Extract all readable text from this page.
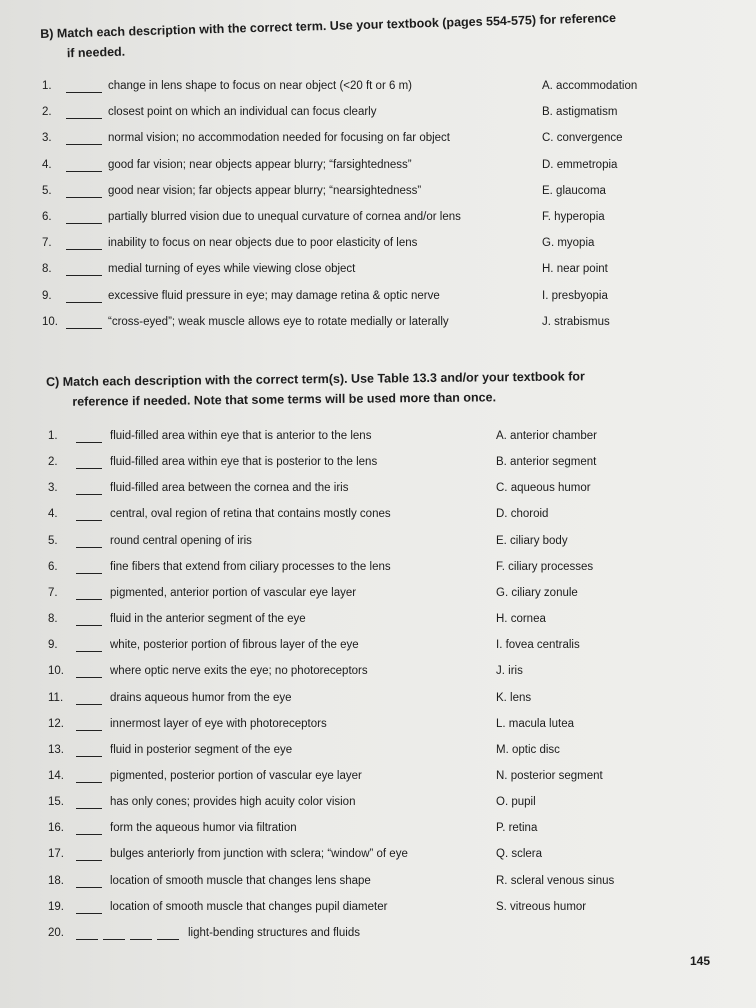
B) Match each description with the correct term. Use your textbook (pages 554-575) for reference
if needed.
1.	change in lens shape to focus on near object (<20 ft or 6 m)	A. accommodation
2.	closest point on which an individual can focus clearly	B. astigmatism
3.	normal vision; no accommodation needed for focusing on far object	C. convergence
4.	good far vision; near objects appear blurry; “farsightedness”	D. emmetropia
5.	good near vision; far objects appear blurry; “nearsightedness”	E. glaucoma
6.	partially blurred vision due to unequal curvature of cornea and/or lens	F. hyperopia
7.	inability to focus on near objects due to poor elasticity of lens	G. myopia
8.	medial turning of eyes while viewing close object	H. near point
9.	excessive fluid pressure in eye; may damage retina & optic nerve	I. presbyopia
10.	“cross-eyed”; weak muscle allows eye to rotate medially or laterally	J. strabismus
C) Match each description with the correct term(s). Use Table 13.3 and/or your textbook for
reference if needed. Note that some terms will be used more than once.
1.	fluid-filled area within eye that is anterior to the lens	A. anterior chamber
2.	fluid-filled area within eye that is posterior to the lens	B. anterior segment
3.	fluid-filled area between the cornea and the iris	C. aqueous humor
4.	central, oval region of retina that contains mostly cones	D. choroid
5.	round central opening of iris	E. ciliary body
6.	fine fibers that extend from ciliary processes to the lens	F. ciliary processes
7.	pigmented, anterior portion of vascular eye layer	G. ciliary zonule
8.	fluid in the anterior segment of the eye	H. cornea
9.	white, posterior portion of fibrous layer of the eye	I. fovea centralis
10.	where optic nerve exits the eye; no photoreceptors	J. iris
11.	drains aqueous humor from the eye	K. lens
12.	innermost layer of eye with photoreceptors	L. macula lutea
13.	fluid in posterior segment of the eye	M. optic disc
14.	pigmented, posterior portion of vascular eye layer	N. posterior segment
15.	has only cones; provides high acuity color vision	O. pupil
16.	form the aqueous humor via filtration	P. retina
17.	bulges anteriorly from junction with sclera; “window” of eye	Q. sclera
18.	location of smooth muscle that changes lens shape	R. scleral venous sinus
19.	location of smooth muscle that changes pupil diameter	S. vitreous humor
20.	light-bending structures and fluids
145
